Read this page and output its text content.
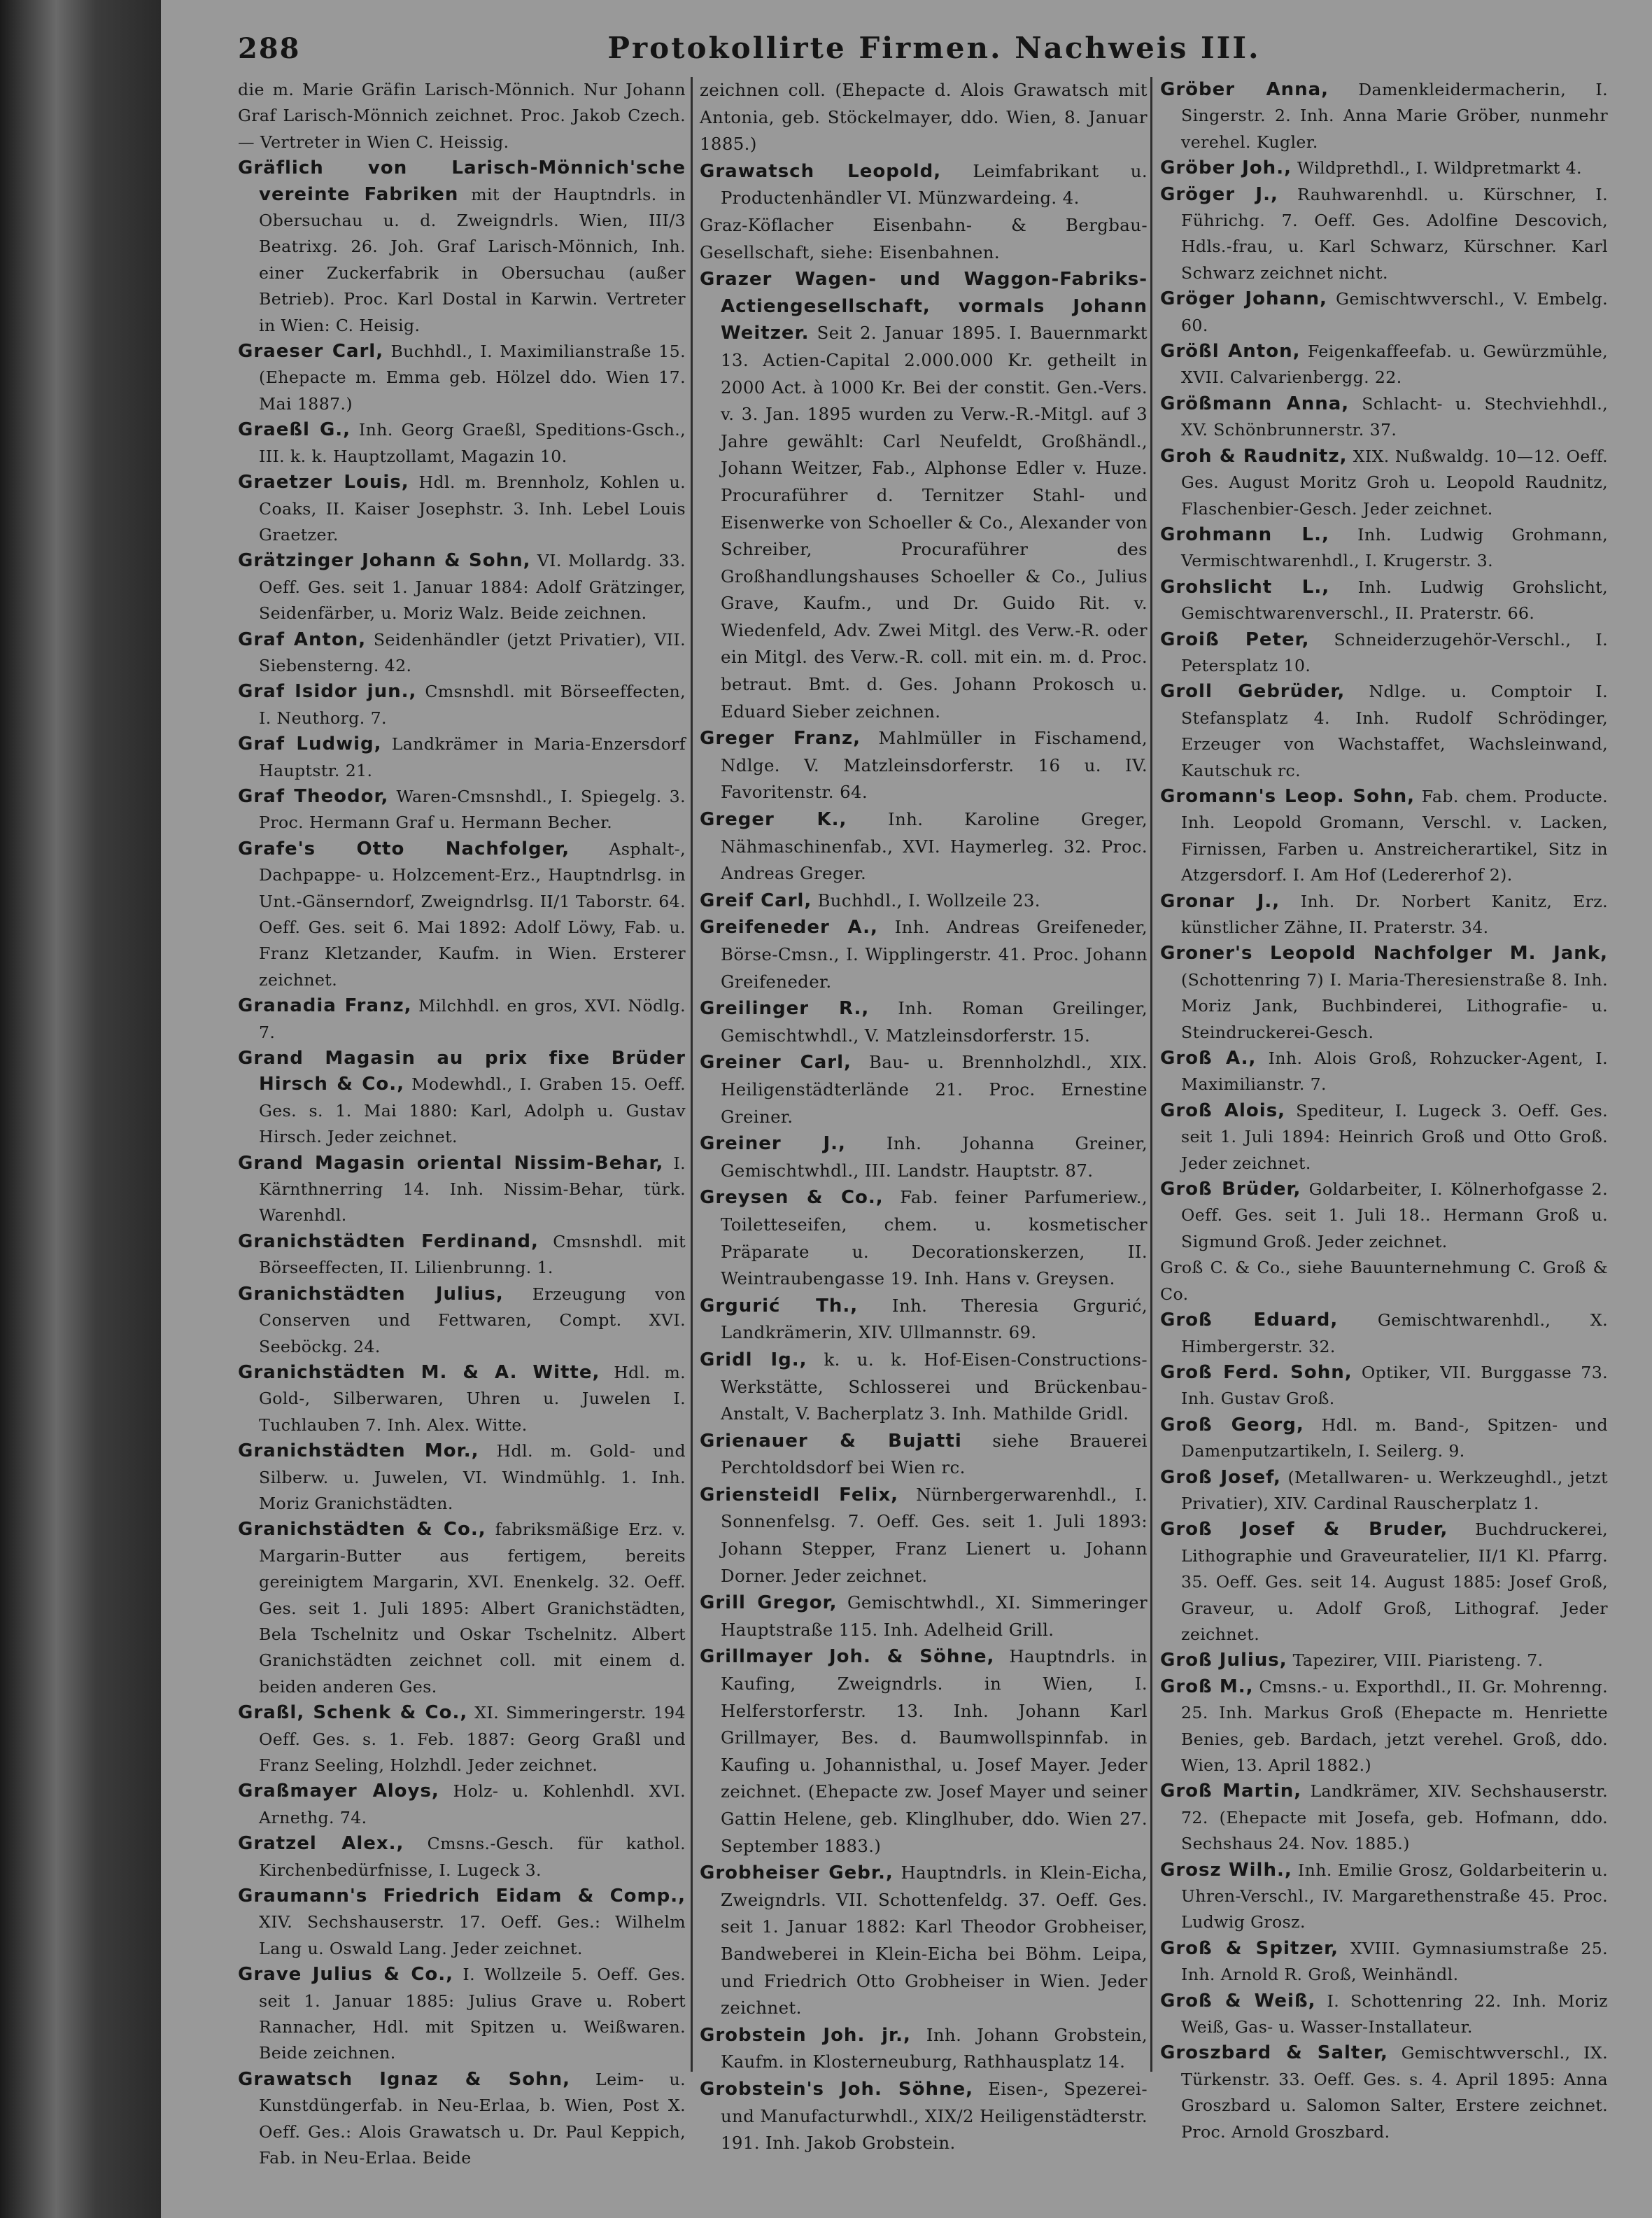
288	Protokollirte Firmen. Nachweis III.

die m. Marie Gräfin Larisch-Mönnich. Nur Johann Graf Larisch-Mönnich zeichnet. Proc. Jakob Czech. — Vertreter in Wien C. Heissig.

Gräflich von Larisch-Mönnich'sche vereinte Fabriken mit der Hauptndrls. in Obersuchau u. d. Zweigndrls. Wien, III/3 Beatrixg. 26. Joh. Graf Larisch-Mönnich, Inh. einer Zuckerfabrik in Obersuchau (außer Betrieb). Proc. Karl Dostal in Karwin. Vertreter in Wien: C. Heisig.

Graeser Carl, Buchhdl., I. Maximilianstraße 15. (Ehepacte m. Emma geb. Hölzel ddo. Wien 17. Mai 1887.)

Graeßl G., Inh. Georg Graeßl, Speditions-Gsch., III. k. k. Hauptzollamt, Magazin 10.

Graetzer Louis, Hdl. m. Brennholz, Kohlen u. Coaks, II. Kaiser Josephstr. 3. Inh. Lebel Louis Graetzer.

Grätzinger Johann & Sohn, VI. Mollardg. 33. Oeff. Ges. seit 1. Januar 1884: Adolf Grätzinger, Seidenfärber, u. Moriz Walz. Beide zeichnen.

Graf Anton, Seidenhändler (jetzt Privatier), VII. Siebensterng. 42.

Graf Isidor jun., Cmsnshdl. mit Börseeffecten, I. Neuthorg. 7.

Graf Ludwig, Landkrämer in Maria-Enzersdorf Hauptstr. 21.

Graf Theodor, Waren-Cmsnshdl., I. Spiegelg. 3. Proc. Hermann Graf u. Hermann Becher.

Grafe's Otto Nachfolger, Asphalt-, Dachpappe- u. Holzcement-Erz., Hauptndrlsg. in Unt.-Gänserndorf, Zweigndrlsg. II/1 Taborstr. 64. Oeff. Ges. seit 6. Mai 1892: Adolf Löwy, Fab. u. Franz Kletzander, Kaufm. in Wien. Ersterer zeichnet.

Granadia Franz, Milchhdl. en gros, XVI. Nödlg. 7.

Grand Magasin au prix fixe Brüder Hirsch & Co., Modewhdl., I. Graben 15. Oeff. Ges. s. 1. Mai 1880: Karl, Adolph u. Gustav Hirsch. Jeder zeichnet.

Grand Magasin oriental Nissim-Behar, I. Kärnthnerring 14. Inh. Nissim-Behar, türk. Warenhdl.

Granichstädten Ferdinand, Cmsnshdl. mit Börseeffecten, II. Lilienbrunng. 1.

Granichstädten Julius, Erzeugung von Conserven und Fettwaren, Compt. XVI. Seeböckg. 24.

Granichstädten M. & A. Witte, Hdl. m. Gold-, Silberwaren, Uhren u. Juwelen I. Tuchlauben 7. Inh. Alex. Witte.

Granichstädten Mor., Hdl. m. Gold- und Silberw. u. Juwelen, VI. Windmühlg. 1. Inh. Moriz Granichstädten.

Granichstädten & Co., fabriksmäßige Erz. v. Margarin-Butter aus fertigem, bereits gereinigtem Margarin, XVI. Enenkelg. 32. Oeff. Ges. seit 1. Juli 1895: Albert Granichstädten, Bela Tschelnitz und Oskar Tschelnitz. Albert Granichstädten zeichnet coll. mit einem d. beiden anderen Ges.

Graßl, Schenk & Co., XI. Simmeringerstr. 194 Oeff. Ges. s. 1. Feb. 1887: Georg Graßl und Franz Seeling, Holzhdl. Jeder zeichnet.

Graßmayer Aloys, Holz- u. Kohlenhdl. XVI. Arnethg. 74.

Gratzel Alex., Cmsns.-Gesch. für kathol. Kirchenbedürfnisse, I. Lugeck 3.

Graumann's Friedrich Eidam & Comp., XIV. Sechshauserstr. 17. Oeff. Ges.: Wilhelm Lang u. Oswald Lang. Jeder zeichnet.

Grave Julius & Co., I. Wollzeile 5. Oeff. Ges. seit 1. Januar 1885: Julius Grave u. Robert Rannacher, Hdl. mit Spitzen u. Weißwaren. Beide zeichnen.

Grawatsch Ignaz & Sohn, Leim- u. Kunstdüngerfab. in Neu-Erlaa, b. Wien, Post X. Oeff. Ges.: Alois Grawatsch u. Dr. Paul Keppich, Fab. in Neu-Erlaa. Beide

zeichnen coll. (Ehepacte d. Alois Grawatsch mit Antonia, geb. Stöckelmayer, ddo. Wien, 8. Januar 1885.)

Grawatsch Leopold, Leimfabrikant u. Productenhändler VI. Münzwardeing. 4.

Graz-Köflacher Eisenbahn- & Bergbau-Gesellschaft, siehe: Eisenbahnen.

Grazer Wagen- und Waggon-Fabriks-Actiengesellschaft, vormals Johann Weitzer. Seit 2. Januar 1895. I. Bauernmarkt 13. Actien-Capital 2.000.000 Kr. getheilt in 2000 Act. à 1000 Kr. Bei der constit. Gen.-Vers. v. 3. Jan. 1895 wurden zu Verw.-R.-Mitgl. auf 3 Jahre gewählt: Carl Neufeldt, Großhändl., Johann Weitzer, Fab., Alphonse Edler v. Huze. Procuraführer d. Ternitzer Stahl- und Eisenwerke von Schoeller & Co., Alexander von Schreiber, Procuraführer des Großhandlungshauses Schoeller & Co., Julius Grave, Kaufm., und Dr. Guido Rit. v. Wiedenfeld, Adv. Zwei Mitgl. des Verw.-R. oder ein Mitgl. des Verw.-R. coll. mit ein. m. d. Proc. betraut. Bmt. d. Ges. Johann Prokosch u. Eduard Sieber zeichnen.

Greger Franz, Mahlmüller in Fischamend, Ndlge. V. Matzleinsdorferstr. 16 u. IV. Favoritenstr. 64.

Greger K., Inh. Karoline Greger, Nähmaschinenfab., XVI. Haymerleg. 32. Proc. Andreas Greger.

Greif Carl, Buchhdl., I. Wollzeile 23.

Greifeneder A., Inh. Andreas Greifeneder, Börse-Cmsn., I. Wipplingerstr. 41. Proc. Johann Greifeneder.

Greilinger R., Inh. Roman Greilinger, Gemischtwhdl., V. Matzleinsdorferstr. 15.

Greiner Carl, Bau- u. Brennholzhdl., XIX. Heiligenstädterlände 21. Proc. Ernestine Greiner.

Greiner J., Inh. Johanna Greiner, Gemischtwhdl., III. Landstr. Hauptstr. 87.

Greysen & Co., Fab. feiner Parfumeriew., Toiletteseifen, chem. u. kosmetischer Präparate u. Decorationskerzen, II. Weintraubengasse 19. Inh. Hans v. Greysen.

Grgurić Th., Inh. Theresia Grgurić, Landkrämerin, XIV. Ullmannstr. 69.

Gridl Ig., k. u. k. Hof-Eisen-Constructions-Werkstätte, Schlosserei und Brückenbau-Anstalt, V. Bacherplatz 3. Inh. Mathilde Gridl.

Grienauer & Bujatti siehe Brauerei Perchtoldsdorf bei Wien rc.

Griensteidl Felix, Nürnbergerwarenhdl., I. Sonnenfelsg. 7. Oeff. Ges. seit 1. Juli 1893: Johann Stepper, Franz Lienert u. Johann Dorner. Jeder zeichnet.

Grill Gregor, Gemischtwhdl., XI. Simmeringer Hauptstraße 115. Inh. Adelheid Grill.

Grillmayer Joh. & Söhne, Hauptndrls. in Kaufing, Zweigndrls. in Wien, I. Helferstorferstr. 13. Inh. Johann Karl Grillmayer, Bes. d. Baumwollspinnfab. in Kaufing u. Johannisthal, u. Josef Mayer. Jeder zeichnet. (Ehepacte zw. Josef Mayer und seiner Gattin Helene, geb. Klinglhuber, ddo. Wien 27. September 1883.)

Grobheiser Gebr., Hauptndrls. in Klein-Eicha, Zweigndrls. VII. Schottenfeldg. 37. Oeff. Ges. seit 1. Januar 1882: Karl Theodor Grobheiser, Bandweberei in Klein-Eicha bei Böhm. Leipa, und Friedrich Otto Grobheiser in Wien. Jeder zeichnet.

Grobstein Joh. jr., Inh. Johann Grobstein, Kaufm. in Klosterneuburg, Rathhausplatz 14.

Grobstein's Joh. Söhne, Eisen-, Spezerei- und Manufacturwhdl., XIX/2 Heiligenstädterstr. 191. Inh. Jakob Grobstein.

Gröber Anna, Damenkleidermacherin, I. Singerstr. 2. Inh. Anna Marie Gröber, nunmehr verehel. Kugler.

Gröber Joh., Wildprethdl., I. Wildpretmarkt 4.

Gröger J., Rauhwarenhdl. u. Kürschner, I. Führichg. 7. Oeff. Ges. Adolfine Descovich, Hdls.-frau, u. Karl Schwarz, Kürschner. Karl Schwarz zeichnet nicht.

Gröger Johann, Gemischtwverschl., V. Embelg. 60.

Größl Anton, Feigenkaffeefab. u. Gewürzmühle, XVII. Calvarienbergg. 22.

Größmann Anna, Schlacht- u. Stechviehhdl., XV. Schönbrunnerstr. 37.

Groh & Raudnitz, XIX. Nußwaldg. 10—12. Oeff. Ges. August Moritz Groh u. Leopold Raudnitz, Flaschenbier-Gesch. Jeder zeichnet.

Grohmann L., Inh. Ludwig Grohmann, Vermischtwarenhdl., I. Krugerstr. 3.

Grohslicht L., Inh. Ludwig Grohslicht, Gemischtwarenverschl., II. Praterstr. 66.

Groiß Peter, Schneiderzugehör-Verschl., I. Petersplatz 10.

Groll Gebrüder, Ndlge. u. Comptoir I. Stefansplatz 4. Inh. Rudolf Schrödinger, Erzeuger von Wachstaffet, Wachsleinwand, Kautschuk rc.

Gromann's Leop. Sohn, Fab. chem. Producte. Inh. Leopold Gromann, Verschl. v. Lacken, Firnissen, Farben u. Anstreicherartikel, Sitz in Atzgersdorf. I. Am Hof (Ledererhof 2).

Gronar J., Inh. Dr. Norbert Kanitz, Erz. künstlicher Zähne, II. Praterstr. 34.

Groner's Leopold Nachfolger M. Jank, (Schottenring 7) I. Maria-Theresienstraße 8. Inh. Moriz Jank, Buchbinderei, Lithografie- u. Steindruckerei-Gesch.

Groß A., Inh. Alois Groß, Rohzucker-Agent, I. Maximilianstr. 7.

Groß Alois, Spediteur, I. Lugeck 3. Oeff. Ges. seit 1. Juli 1894: Heinrich Groß und Otto Groß. Jeder zeichnet.

Groß Brüder, Goldarbeiter, I. Kölnerhofgasse 2. Oeff. Ges. seit 1. Juli 18.. Hermann Groß u. Sigmund Groß. Jeder zeichnet.

Groß C. & Co., siehe Bauunternehmung C. Groß & Co.

Groß Eduard, Gemischtwarenhdl., X. Himbergerstr. 32.

Groß Ferd. Sohn, Optiker, VII. Burggasse 73. Inh. Gustav Groß.

Groß Georg, Hdl. m. Band-, Spitzen- und Damenputzartikeln, I. Seilerg. 9.

Groß Josef, (Metallwaren- u. Werkzeughdl., jetzt Privatier), XIV. Cardinal Rauscherplatz 1.

Groß Josef & Bruder, Buchdruckerei, Lithographie und Graveuratelier, II/1 Kl. Pfarrg. 35. Oeff. Ges. seit 14. August 1885: Josef Groß, Graveur, u. Adolf Groß, Lithograf. Jeder zeichnet.

Groß Julius, Tapezirer, VIII. Piaristeng. 7.

Groß M., Cmsns.- u. Exporthdl., II. Gr. Mohrenng. 25. Inh. Markus Groß (Ehepacte m. Henriette Benies, geb. Bardach, jetzt verehel. Groß, ddo. Wien, 13. April 1882.)

Groß Martin, Landkrämer, XIV. Sechshauserstr. 72. (Ehepacte mit Josefa, geb. Hofmann, ddo. Sechshaus 24. Nov. 1885.)

Grosz Wilh., Inh. Emilie Grosz, Goldarbeiterin u. Uhren-Verschl., IV. Margarethenstraße 45. Proc. Ludwig Grosz.

Groß & Spitzer, XVIII. Gymnasiumstraße 25. Inh. Arnold R. Groß, Weinhändl.

Groß & Weiß, I. Schottenring 22. Inh. Moriz Weiß, Gas- u. Wasser-Installateur.

Groszbard & Salter, Gemischtwverschl., IX. Türkenstr. 33. Oeff. Ges. s. 4. April 1895: Anna Groszbard u. Salomon Salter, Erstere zeichnet. Proc. Arnold Groszbard.
